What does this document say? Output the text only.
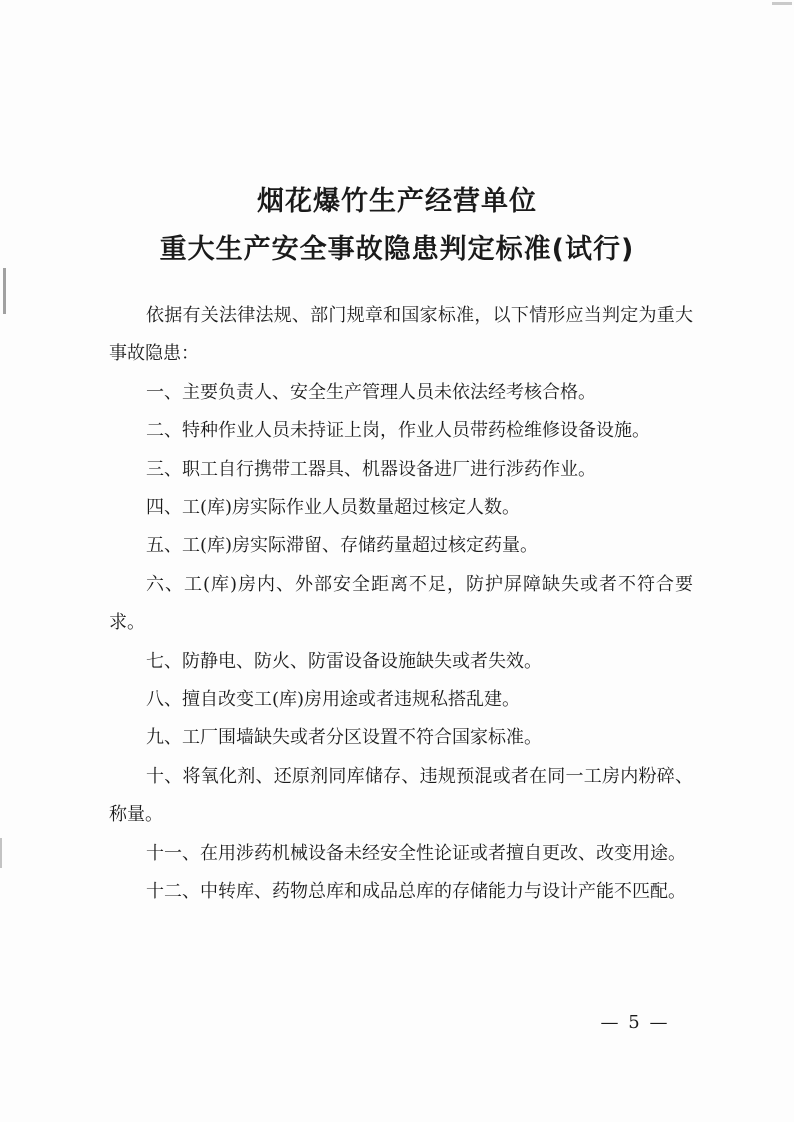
烟花爆竹生产经营单位
重大生产安全事故隐患判定标准(试行)

依据有关法律法规、部门规章和国家标准，以下情形应当判定为重大事故隐患：

一、主要负责人、安全生产管理人员未依法经考核合格。

二、特种作业人员未持证上岗，作业人员带药检维修设备设施。

三、职工自行携带工器具、机器设备进厂进行涉药作业。

四、工(库)房实际作业人员数量超过核定人数。

五、工(库)房实际滞留、存储药量超过核定药量。

六、工(库)房内、外部安全距离不足，防护屏障缺失或者不符合要求。

七、防静电、防火、防雷设备设施缺失或者失效。

八、擅自改变工(库)房用途或者违规私搭乱建。

九、工厂围墙缺失或者分区设置不符合国家标准。

十、将氧化剂、还原剂同库储存、违规预混或者在同一工房内粉碎、称量。

十一、在用涉药机械设备未经安全性论证或者擅自更改、改变用途。

十二、中转库、药物总库和成品总库的存储能力与设计产能不匹配。

— 5 —
